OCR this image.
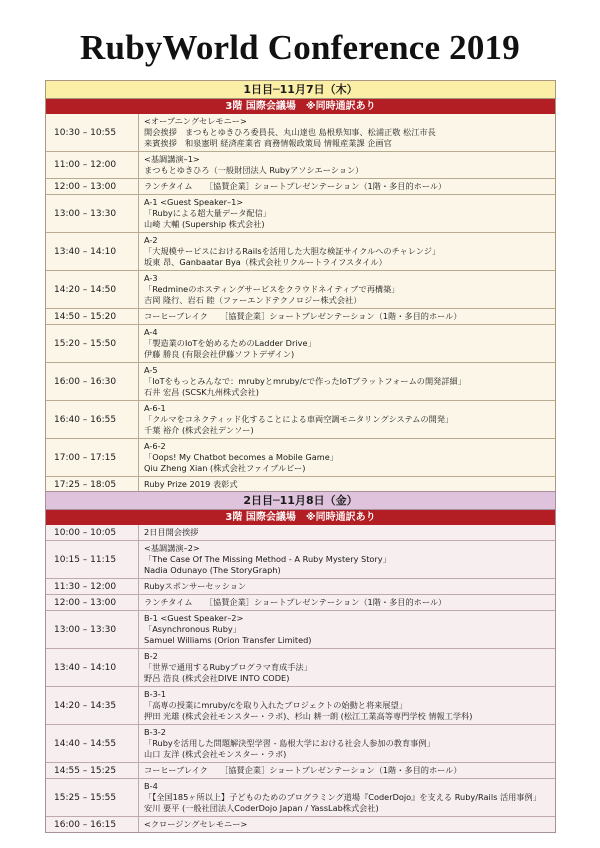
RubyWorld Conference 2019
1日目─11月7日（木）
3階 国際会議場　※同時通訳あり
10:30 – 10:55
<オープニングセレモニー>
開会挨拶　まつもとゆきひろ委員長、丸山達也 島根県知事、松浦正敬 松江市長
来賓挨拶　和泉憲明 経済産業省 商務情報政策局 情報産業課 企画官
11:00 – 12:00
<基調講演–1>
まつもとゆきひろ（一般財団法人 Rubyアソシエーション）
12:00 – 13:00	ランチタイム　　［協賛企業］ショートプレゼンテーション（1階・多目的ホール）
13:00 – 13:30
A-1 <Guest Speaker–1>
「Rubyによる超大量データ配信」
山崎 大輔 (Supership 株式会社)
13:40 – 14:10
A-2
「大規模サービスにおけるRailsを活用した大胆な検証サイクルへのチャレンジ」
坂東 昂、Ganbaatar Bya（株式会社リクルートライフスタイル）
14:20 – 14:50
A-3
「Redmineのホスティングサービスをクラウドネイティブで再構築」
吉岡 隆行、岩石 睦（ファーエンドテクノロジー株式会社）
14:50 – 15:20	コーヒーブレイク　　［協賛企業］ショートプレゼンテーション（1階・多目的ホール）
15:20 – 15:50
A-4
「製造業のIoTを始めるためのLadder Drive」
伊藤 勝良 (有限会社伊藤ソフトデザイン)
16:00 – 16:30
A-5
「IoTをもっとみんなで：mrubyとmruby/cで作ったIoTプラットフォームの開発詳細」
石井 宏昌 (SCSK九州株式会社)
16:40 – 16:55
A-6-1
「クルマをコネクティッド化することによる車両空調モニタリングシステムの開発」
千葉 裕介 (株式会社デンソー)
17:00 – 17:15
A-6-2
「Oops! My Chatbot becomes a Mobile Game」
Qiu Zheng Xian (株式会社ファイブルビー)
17:25 – 18:05	Ruby Prize 2019 表彰式
2日目─11月8日（金）
3階 国際会議場　※同時通訳あり
10:00 – 10:05	2日目開会挨拶
10:15 – 11:15
<基調講演–2>
「The Case Of The Missing Method - A Ruby Mystery Story」
Nadia Odunayo (The StoryGraph)
11:30 – 12:00	Rubyスポンサーセッション
12:00 – 13:00	ランチタイム　　［協賛企業］ショートプレゼンテーション（1階・多目的ホール）
13:00 – 13:30
B-1 <Guest Speaker–2>
「Asynchronous Ruby」
Samuel Williams (Orion Transfer Limited)
13:40 – 14:10
B-2
「世界で通用するRubyプログラマ育成手法」
野呂 浩良 (株式会社DIVE INTO CODE)
14:20 – 14:35
B-3-1
「高専の授業にmruby/cを取り入れたプロジェクトの始動と将来展望」
押田 光雄 (株式会社モンスター・ラボ)、杉山 耕一朗 (松江工業高等専門学校 情報工学科)
14:40 – 14:55
B-3-2
「Rubyを活用した問題解決型学習 - 島根大学における社会人参加の教育事例」
山口 友洋 (株式会社モンスター・ラボ)
14:55 – 15:25	コーヒーブレイク　　［協賛企業］ショートプレゼンテーション（1階・多目的ホール）
15:25 – 15:55
B-4
「【全国185ヶ所以上】子どものためのプログラミング道場『CoderDojo』を支える Ruby/Rails 活用事例」
安川 要平 (一般社団法人CoderDojo Japan / YassLab株式会社)
16:00 – 16:15	<クロージングセレモニー>
